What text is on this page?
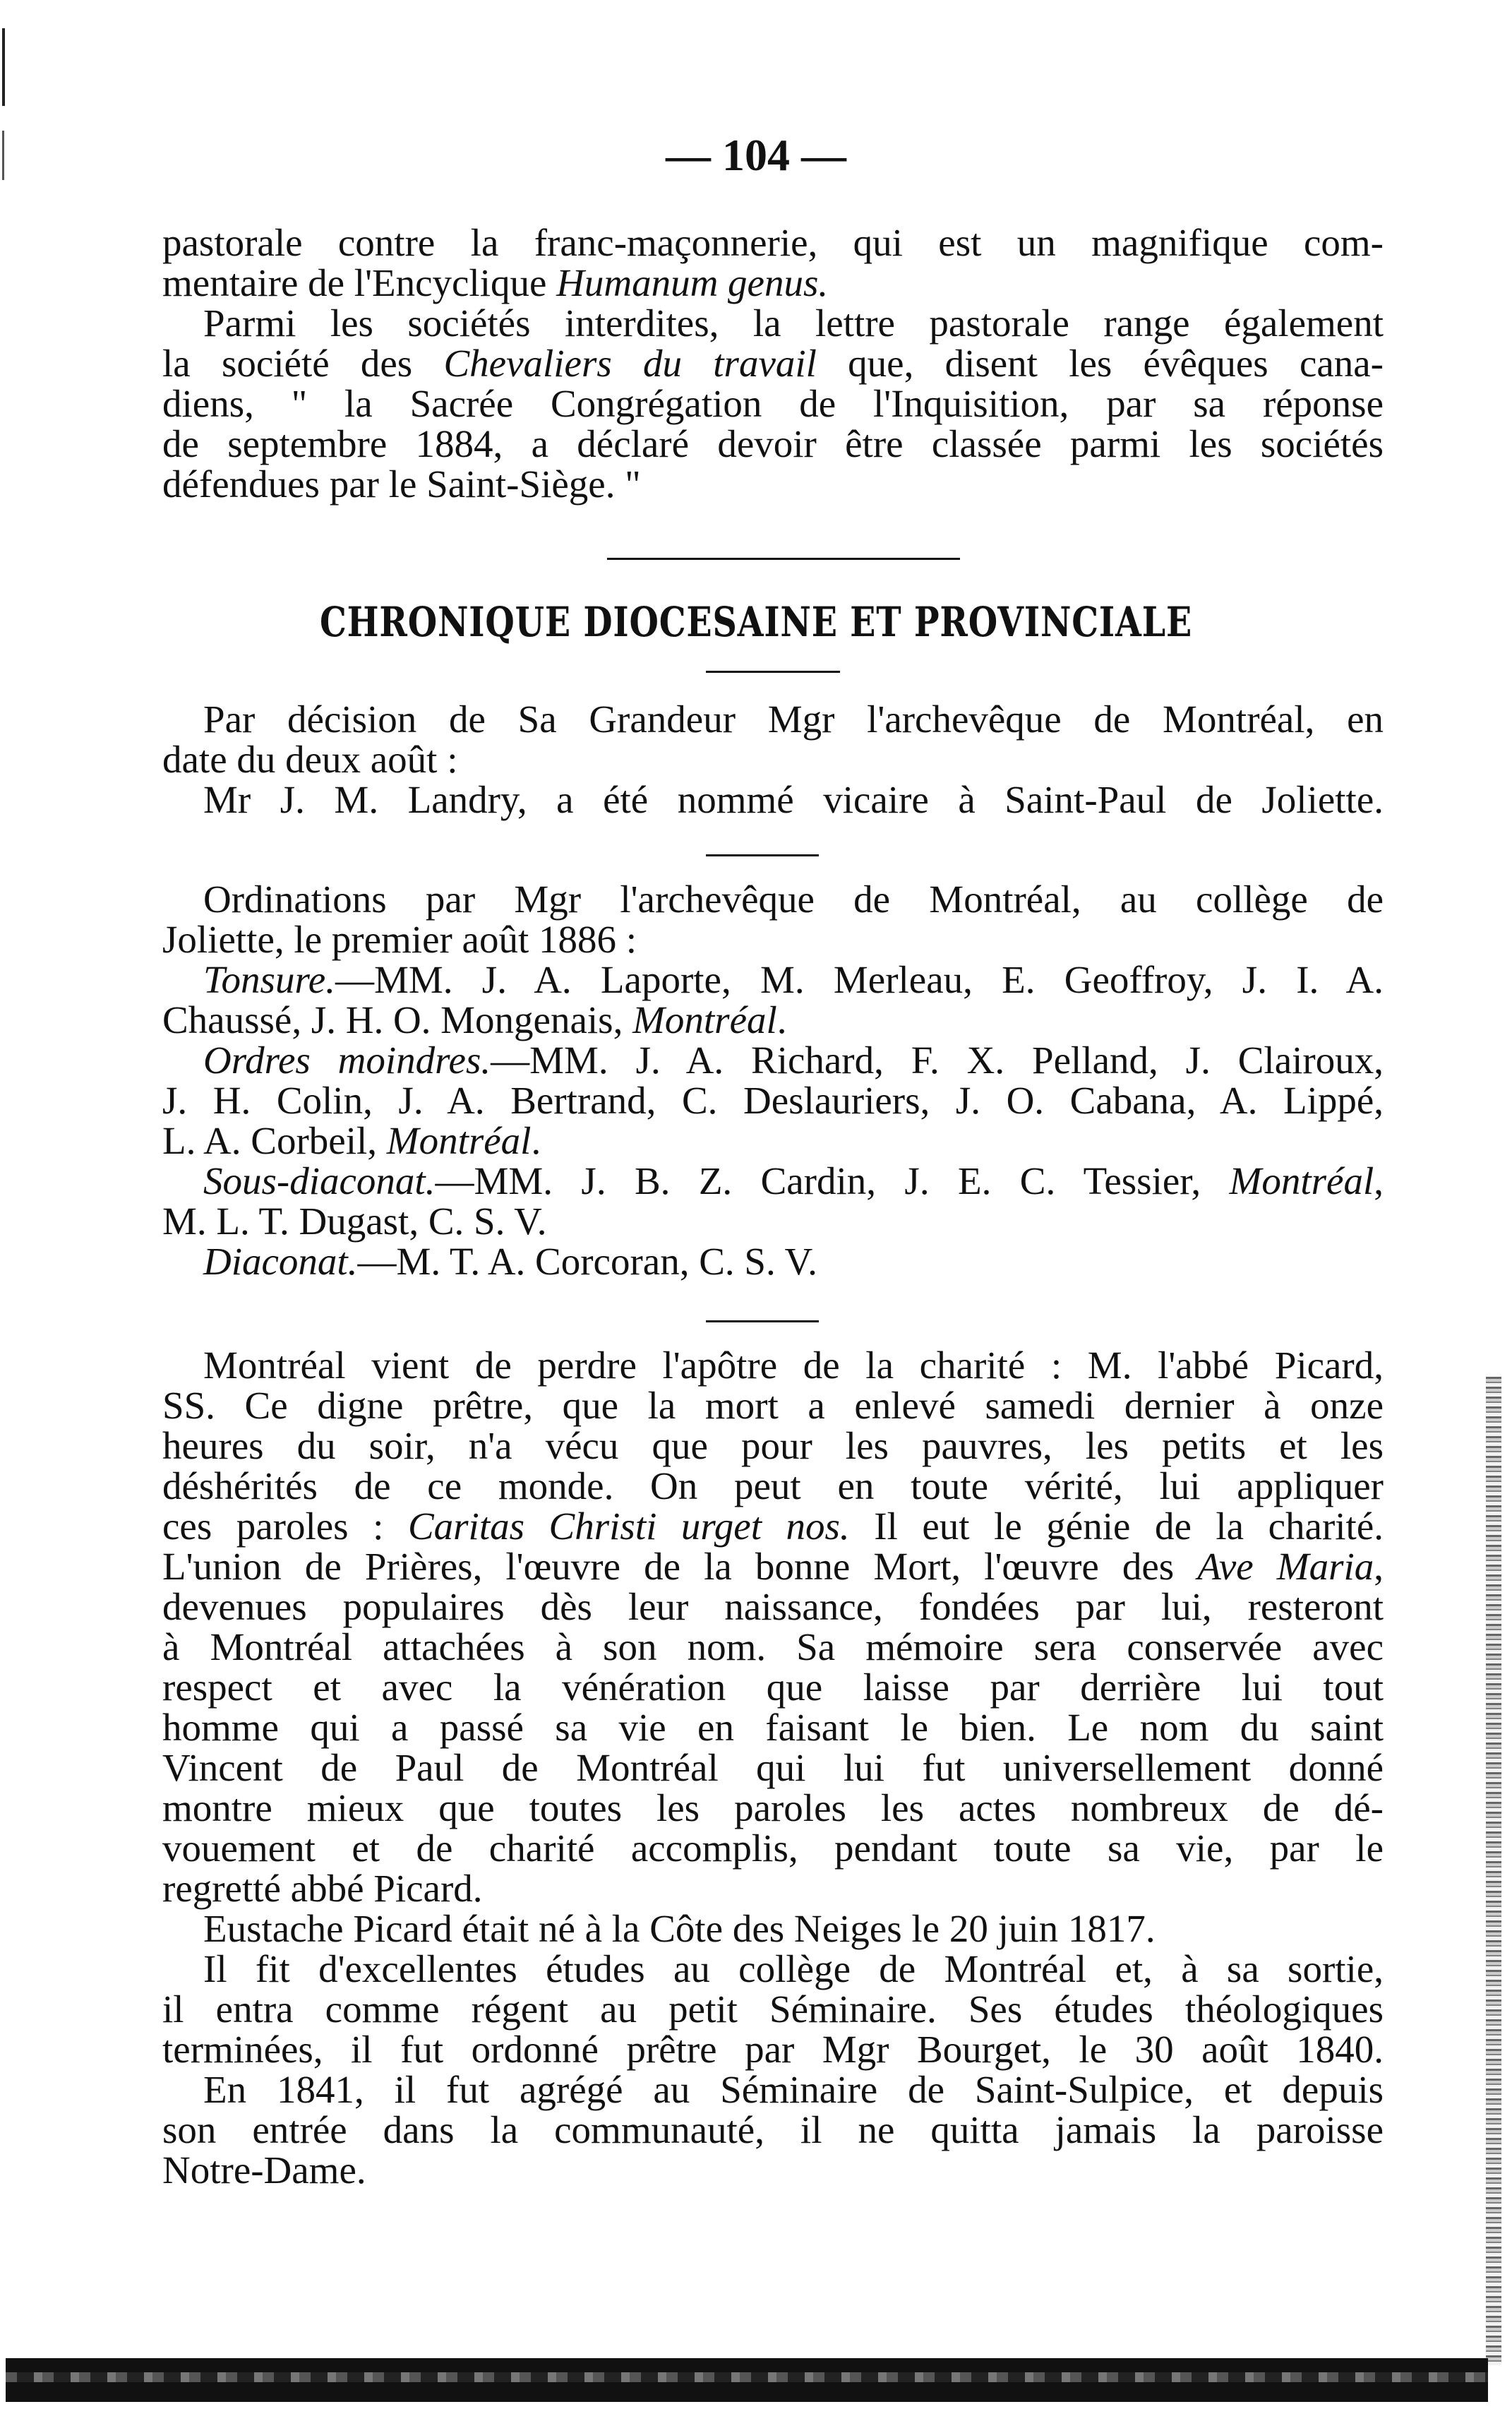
— 104 —
pastorale contre la franc-maçonnerie, qui est un magnifique com-
mentaire de l'Encyclique Humanum genus.
Parmi les sociétés interdites, la lettre pastorale range également
la société des Chevaliers du travail que, disent les évêques cana-
diens, " la Sacrée Congrégation de l'Inquisition, par sa réponse
de septembre 1884, a déclaré devoir être classée parmi les sociétés
défendues par le Saint-Siège. "
CHRONIQUE DIOCESAINE ET PROVINCIALE
Par décision de Sa Grandeur Mgr l'archevêque de Montréal, en
date du deux août :
Mr J. M. Landry, a été nommé vicaire à Saint-Paul de Joliette.
Ordinations par Mgr l'archevêque de Montréal, au collège de
Joliette, le premier août 1886 :
Tonsure.—MM. J. A. Laporte, M. Merleau, E. Geoffroy, J. I. A.
Chaussé, J. H. O. Mongenais, Montréal.
Ordres moindres.—MM. J. A. Richard, F. X. Pelland, J. Clairoux,
J. H. Colin, J. A. Bertrand, C. Deslauriers, J. O. Cabana, A. Lippé,
L. A. Corbeil, Montréal.
Sous-diaconat.—MM. J. B. Z. Cardin, J. E. C. Tessier, Montréal,
M. L. T. Dugast, C. S. V.
Diaconat.—M. T. A. Corcoran, C. S. V.
Montréal vient de perdre l'apôtre de la charité : M. l'abbé Picard,
SS. Ce digne prêtre, que la mort a enlevé samedi dernier à onze
heures du soir, n'a vécu que pour les pauvres, les petits et les
déshérités de ce monde. On peut en toute vérité, lui appliquer
ces paroles : Caritas Christi urget nos. Il eut le génie de la charité.
L'union de Prières, l'œuvre de la bonne Mort, l'œuvre des Ave Maria,
devenues populaires dès leur naissance, fondées par lui, resteront
à Montréal attachées à son nom. Sa mémoire sera conservée avec
respect et avec la vénération que laisse par derrière lui tout
homme qui a passé sa vie en faisant le bien. Le nom du saint
Vincent de Paul de Montréal qui lui fut universellement donné
montre mieux que toutes les paroles les actes nombreux de dé-
vouement et de charité accomplis, pendant toute sa vie, par le
regretté abbé Picard.
Eustache Picard était né à la Côte des Neiges le 20 juin 1817.
Il fit d'excellentes études au collège de Montréal et, à sa sortie,
il entra comme régent au petit Séminaire. Ses études théologiques
terminées, il fut ordonné prêtre par Mgr Bourget, le 30 août 1840.
En 1841, il fut agrégé au Séminaire de Saint-Sulpice, et depuis
son entrée dans la communauté, il ne quitta jamais la paroisse
Notre-Dame.
